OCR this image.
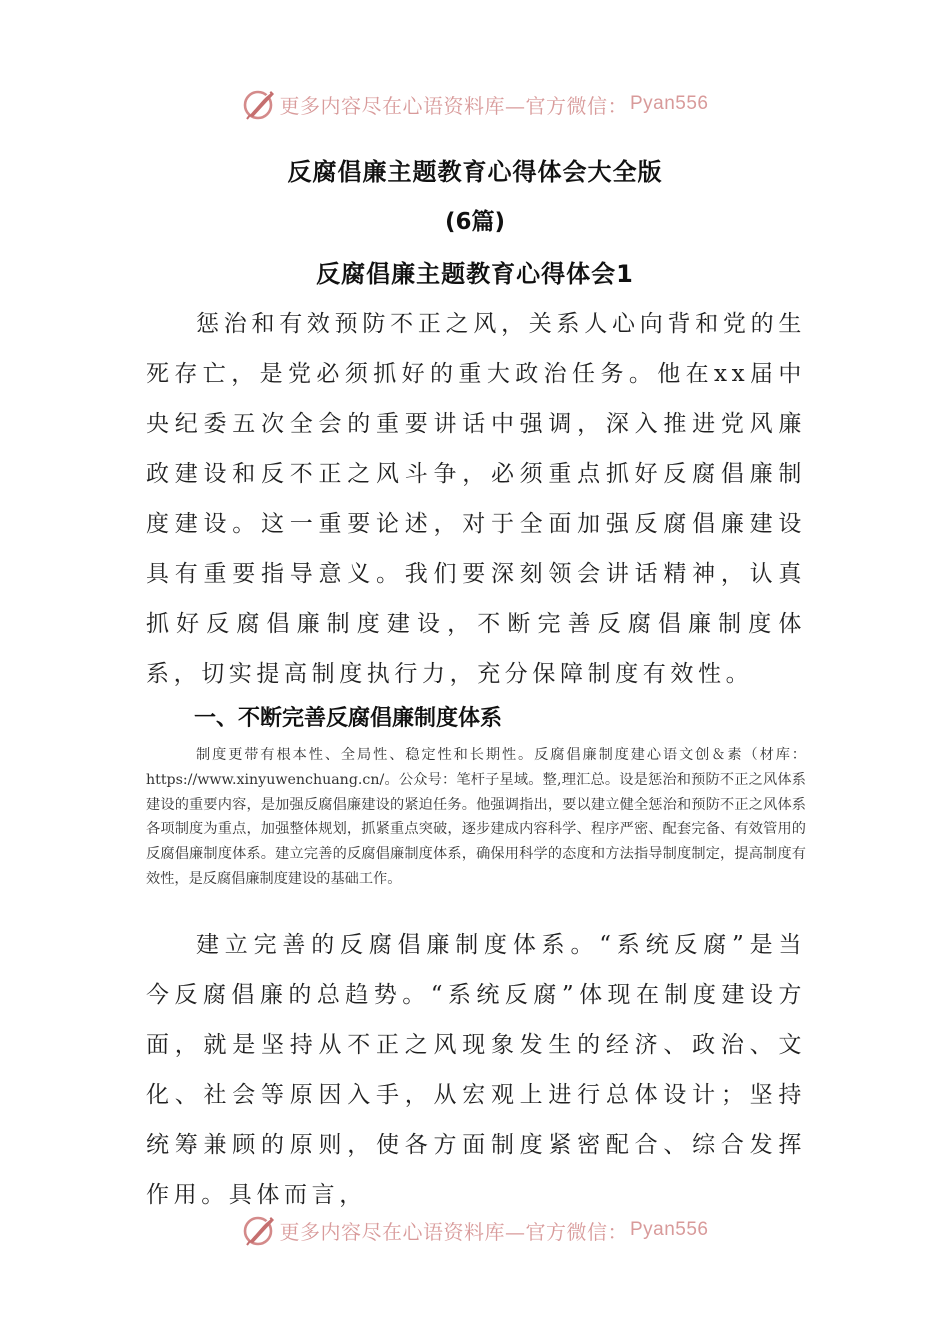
更多内容尽在心语资料库—官方微信： Pyan556
反腐倡廉主题教育心得体会大全版
(6篇)
反腐倡廉主题教育心得体会1

惩治和有效预防不正之风，关系人心向背和党的生死存亡，是党必须抓好的重大政治任务。他在xx届中央纪委五次全会的重要讲话中强调，深入推进党风廉政建设和反不正之风斗争，必须重点抓好反腐倡廉制度建设。这一重要论述，对于全面加强反腐倡廉建设具有重要指导意义。我们要深刻领会讲话精神，认真抓好反腐倡廉制度建设，不断完善反腐倡廉制度体系，切实提高制度执行力，充分保障制度有效性。

一、不断完善反腐倡廉制度体系

制度更带有根本性、全局性、稳定性和长期性。反腐倡廉制度建心语文创＆素（材库：https://www.xinyuwenchuang.cn/。公众号：笔杆子星域。整,理汇总。设是惩治和预防不正之风体系建设的重要内容，是加强反腐倡廉建设的紧迫任务。他强调指出，要以建立健全惩治和预防不正之风体系各项制度为重点，加强整体规划，抓紧重点突破，逐步建成内容科学、程序严密、配套完备、有效管用的反腐倡廉制度体系。建立完善的反腐倡廉制度体系，确保用科学的态度和方法指导制度制定，提高制度有效性，是反腐倡廉制度建设的基础工作。

建立完善的反腐倡廉制度体系。“系统反腐”是当今反腐倡廉的总趋势。“系统反腐”体现在制度建设方面，就是坚持从不正之风现象发生的经济、政治、文化、社会等原因入手，从宏观上进行总体设计；坚持统筹兼顾的原则，使各方面制度紧密配合、综合发挥作用。具体而言，

更多内容尽在心语资料库—官方微信： Pyan556
